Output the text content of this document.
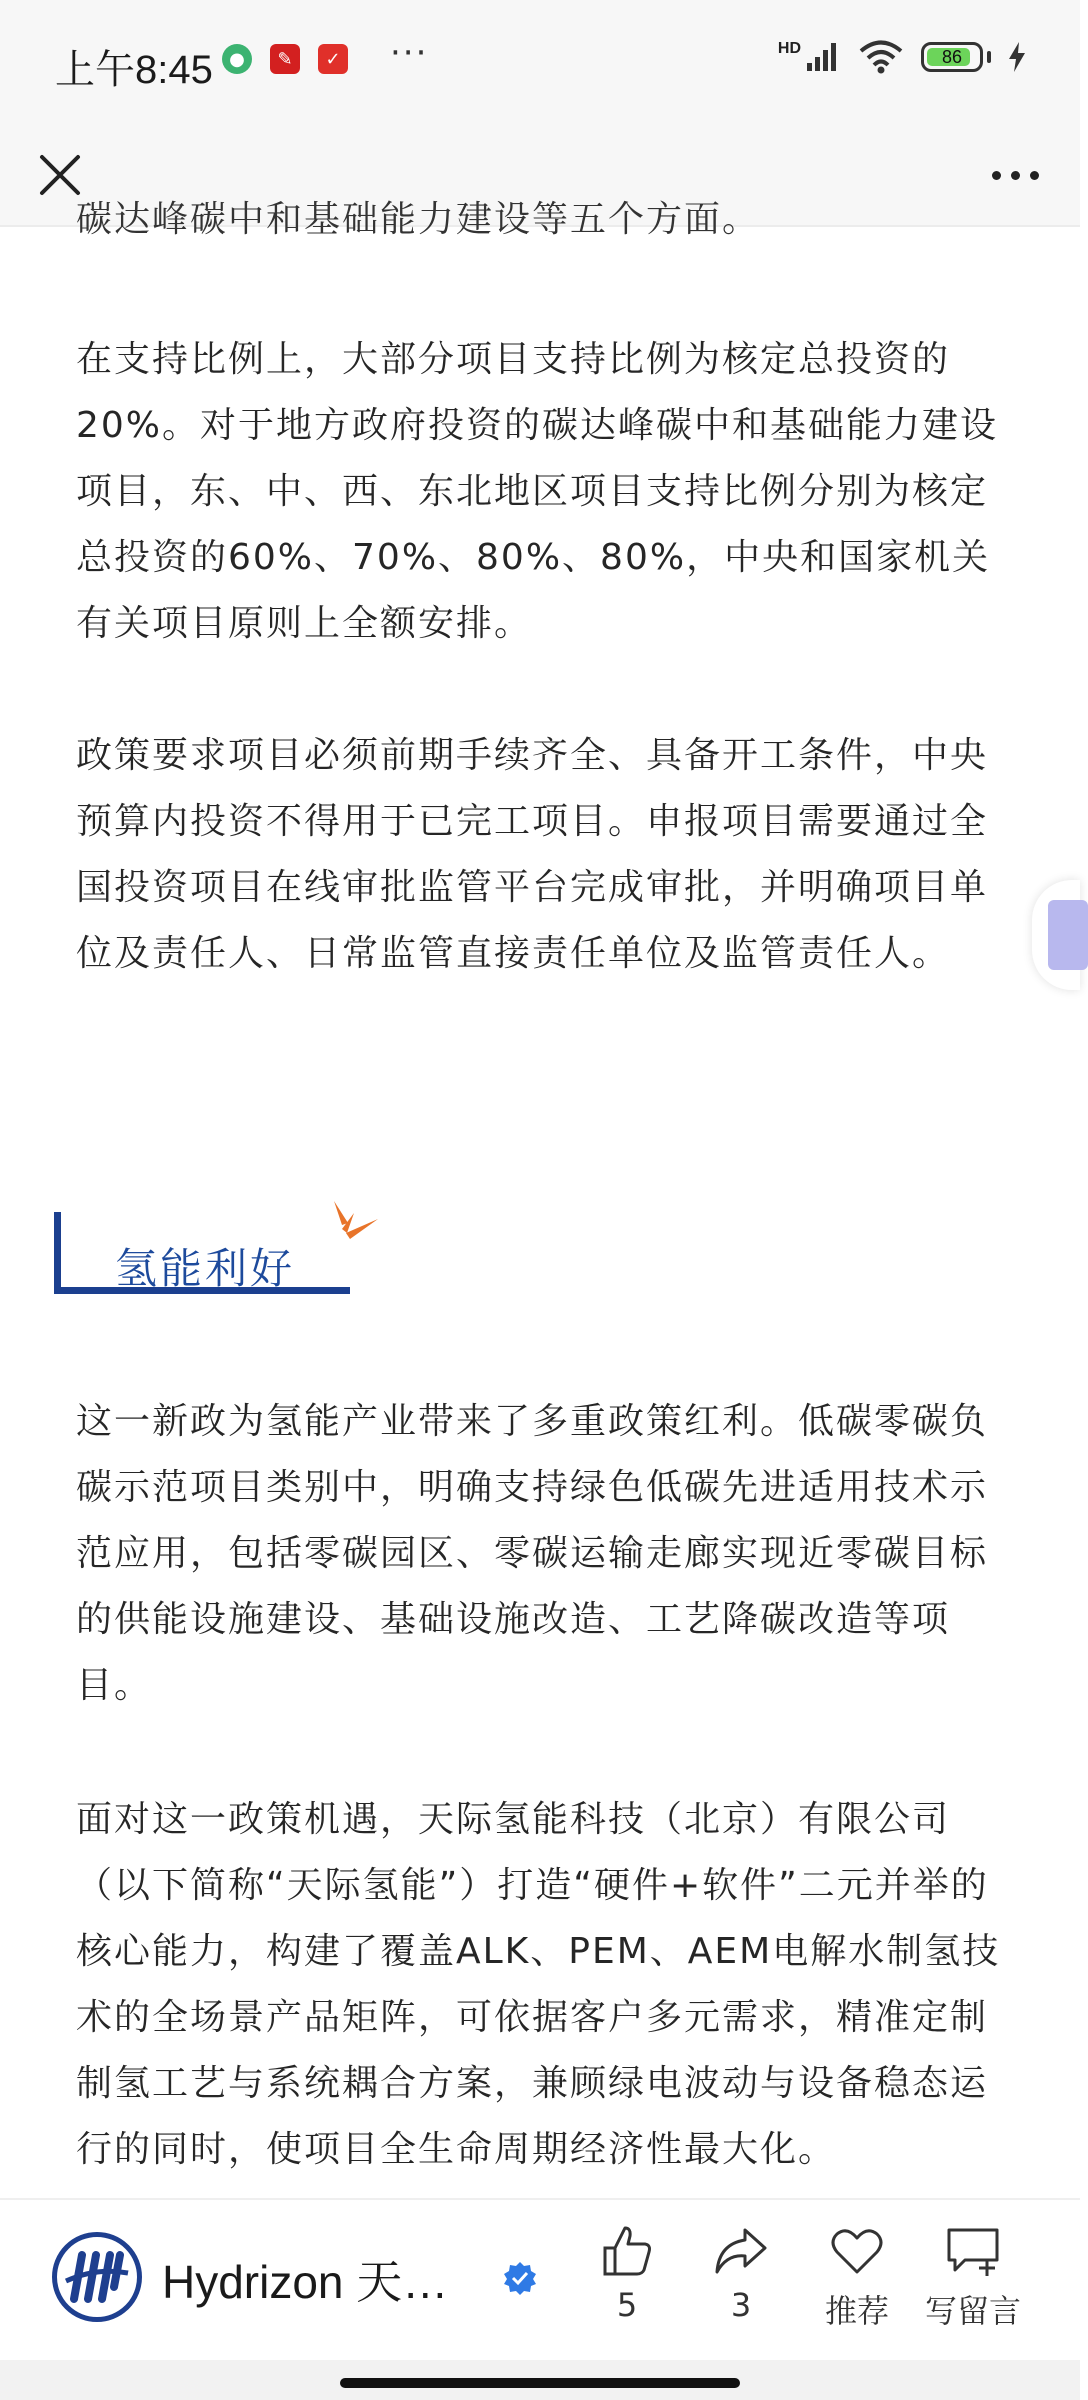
上午8:45 ●	✎	✓ ···	HD	86
碳达峰碳中和基础能力建设等五个方面。
在支持比例上，大部分项目支持比例为核定总投资的20%。对于地方政府投资的碳达峰碳中和基础能力建设项目，东、中、西、东北地区项目支持比例分别为核定总投资的60%、70%、80%、80%，中央和国家机关有关项目原则上全额安排。
政策要求项目必须前期手续齐全、具备开工条件，中央预算内投资不得用于已完工项目。申报项目需要通过全国投资项目在线审批监管平台完成审批，并明确项目单位及责任人、日常监管直接责任单位及监管责任人。
氢能利好
这一新政为氢能产业带来了多重政策红利。低碳零碳负碳示范项目类别中，明确支持绿色低碳先进适用技术示范应用，包括零碳园区、零碳运输走廊实现近零碳目标的供能设施建设、基础设施改造、工艺降碳改造等项目。
面对这一政策机遇，天际氢能科技（北京）有限公司（以下简称“天际氢能”）打造“硬件+软件”二元并举的核心能力，构建了覆盖ALK、PEM、AEM电解水制氢技术的全场景产品矩阵，可依据客户多元需求，精准定制制氢工艺与系统耦合方案，兼顾绿电波动与设备稳态运行的同时，使项目全生命周期经济性最大化。
Hydrizon 天…	5	3	推荐	写留言
